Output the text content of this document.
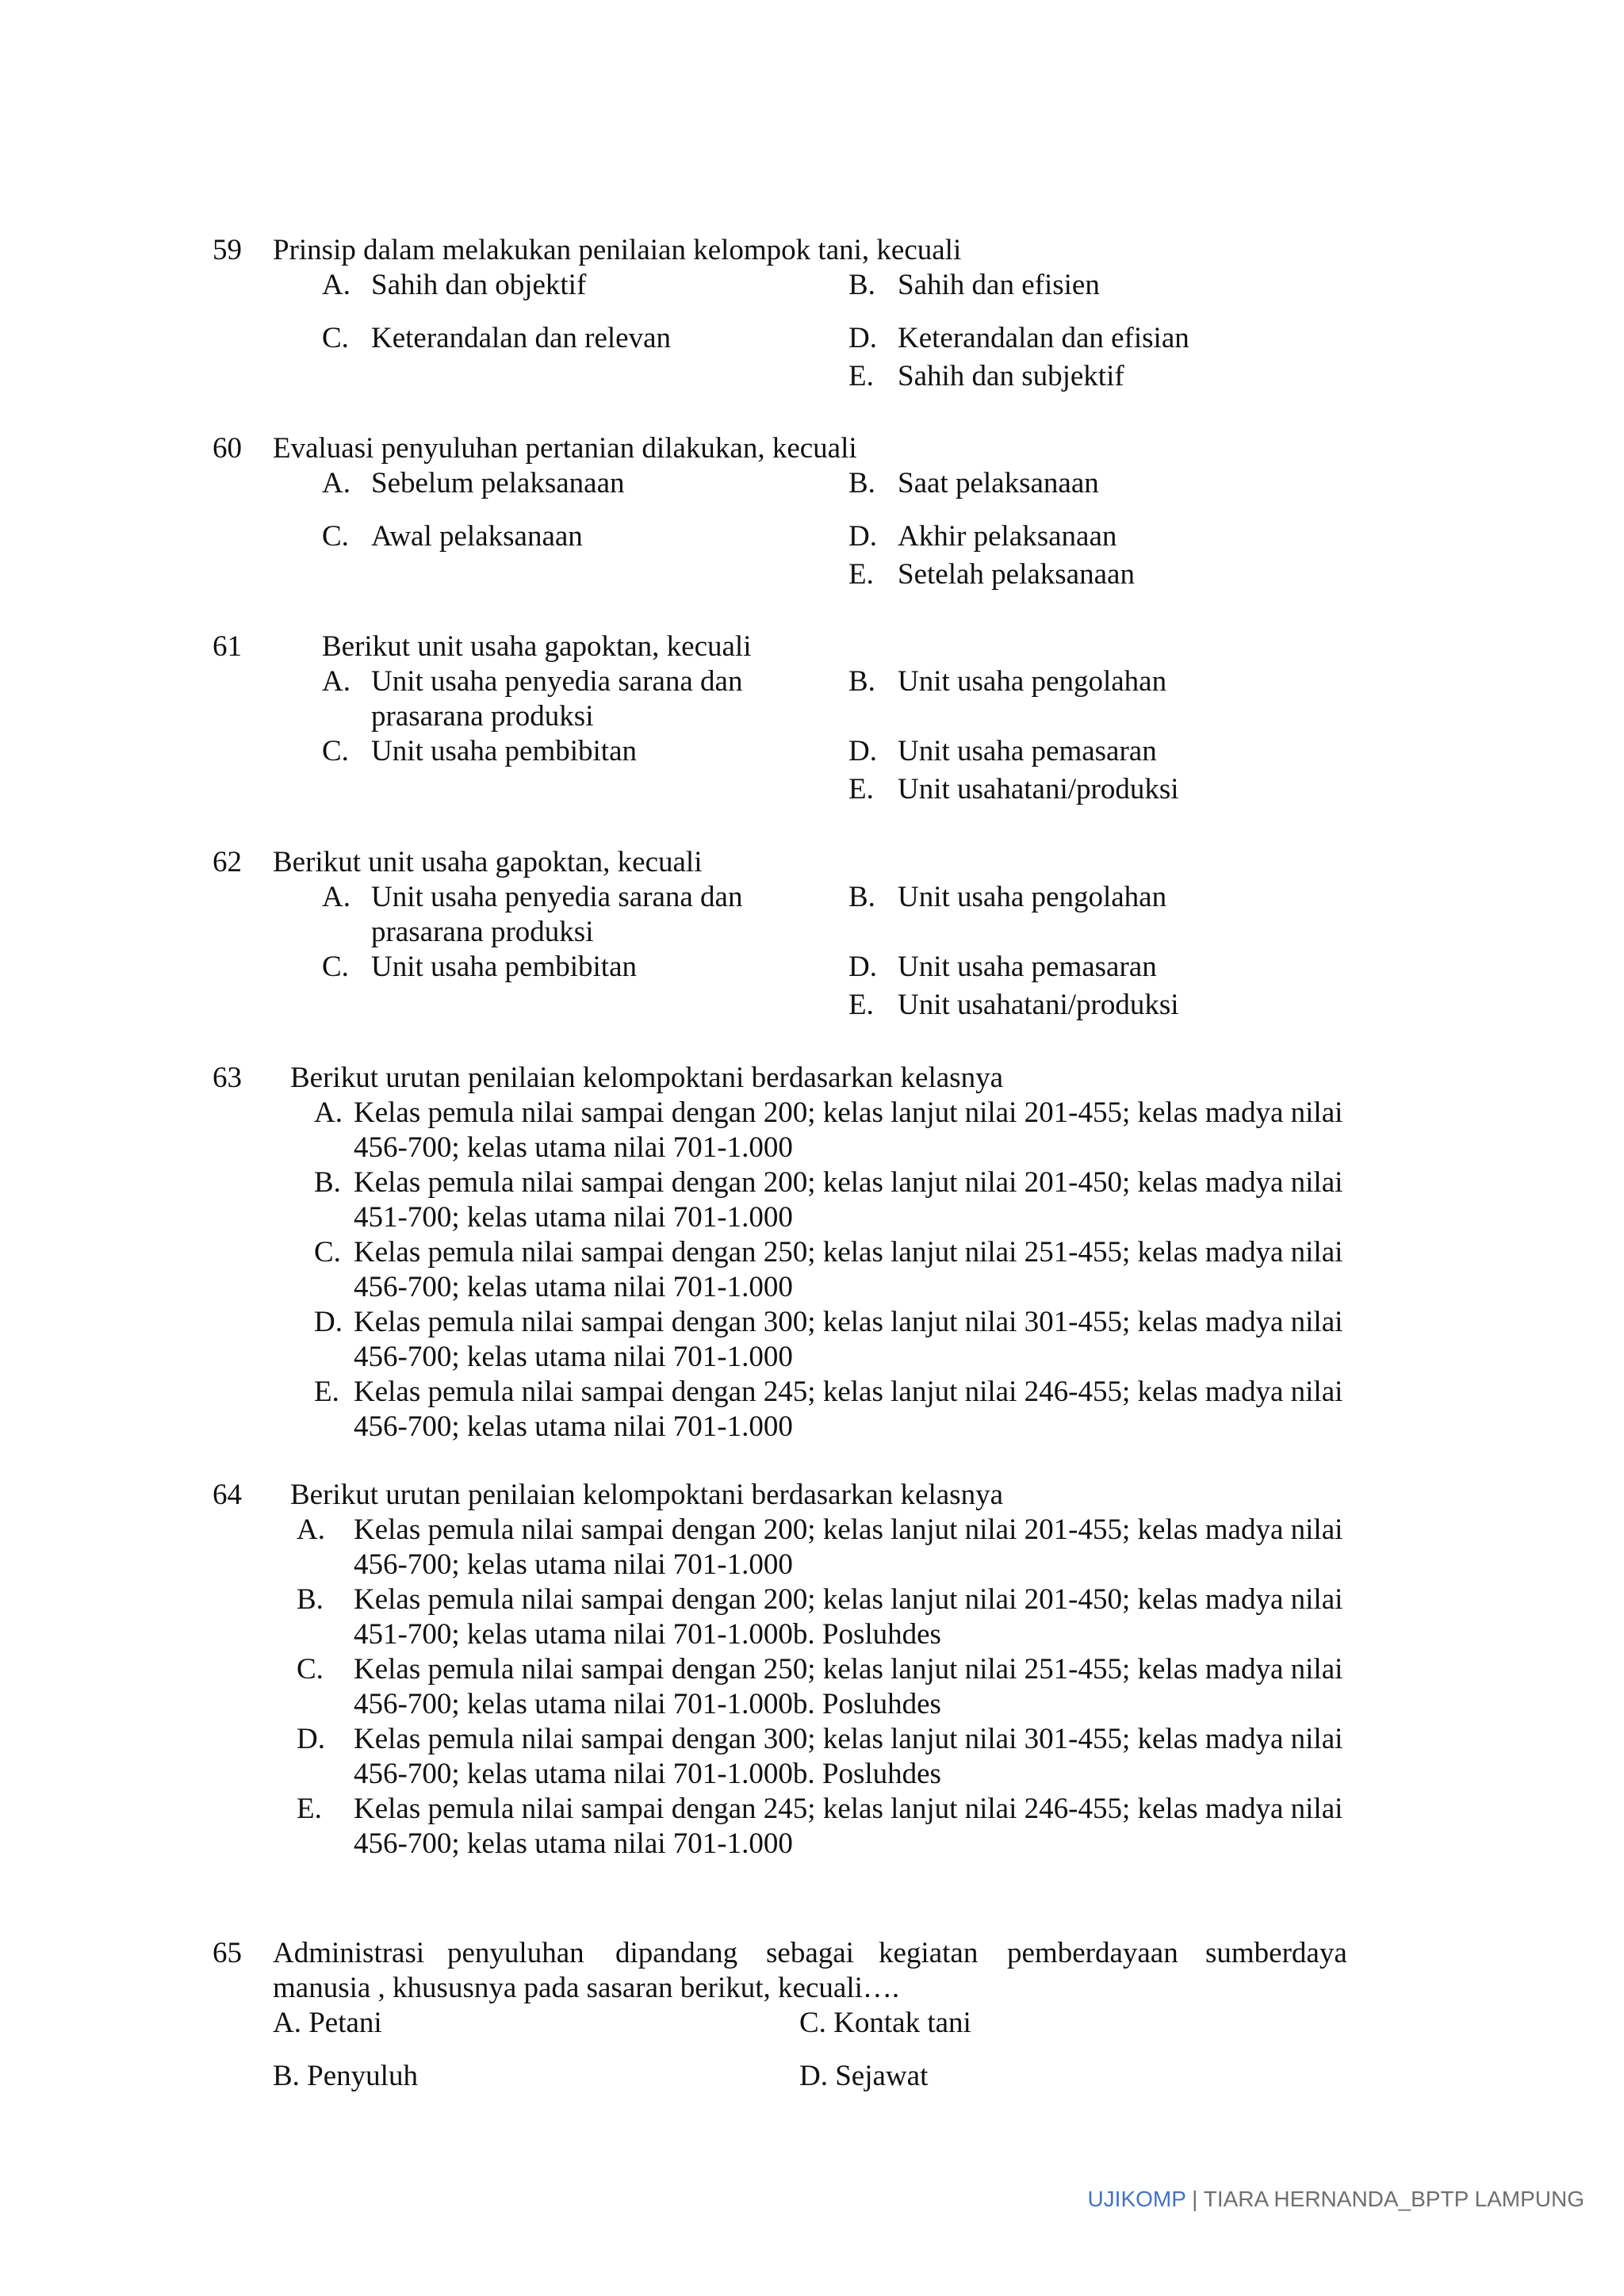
59 Prinsip dalam melakukan penilaian kelompok tani, kecuali
A. Sahih dan objektif	B. Sahih dan efisien
C. Keterandalan dan relevan	D. Keterandalan dan efisian
E. Sahih dan subjektif
60 Evaluasi penyuluhan pertanian dilakukan, kecuali
A. Sebelum pelaksanaan	B. Saat pelaksanaan
C. Awal pelaksanaan	D. Akhir pelaksanaan
E. Setelah pelaksanaan
61	Berikut unit usaha gapoktan, kecuali
A. Unit usaha penyedia sarana dan
prasarana produksi
B. Unit usaha pengolahan
C. Unit usaha pembibitan	D. Unit usaha pemasaran
E. Unit usahatani/produksi
62 Berikut unit usaha gapoktan, kecuali
A. Unit usaha penyedia sarana dan
prasarana produksi
B. Unit usaha pengolahan
C. Unit usaha pembibitan	D. Unit usaha pemasaran
E. Unit usahatani/produksi
63 Berikut urutan penilaian kelompoktani berdasarkan kelasnya
A. Kelas pemula nilai sampai dengan 200; kelas lanjut nilai 201-455; kelas madya nilai
456-700; kelas utama nilai 701-1.000
B. Kelas pemula nilai sampai dengan 200; kelas lanjut nilai 201-450; kelas madya nilai
451-700; kelas utama nilai 701-1.000
C. Kelas pemula nilai sampai dengan 250; kelas lanjut nilai 251-455; kelas madya nilai
456-700; kelas utama nilai 701-1.000
D. Kelas pemula nilai sampai dengan 300; kelas lanjut nilai 301-455; kelas madya nilai
456-700; kelas utama nilai 701-1.000
E. Kelas pemula nilai sampai dengan 245; kelas lanjut nilai 246-455; kelas madya nilai
456-700; kelas utama nilai 701-1.000
64 Berikut urutan penilaian kelompoktani berdasarkan kelasnya
A. Kelas pemula nilai sampai dengan 200; kelas lanjut nilai 201-455; kelas madya nilai
456-700; kelas utama nilai 701-1.000
B. Kelas pemula nilai sampai dengan 200; kelas lanjut nilai 201-450; kelas madya nilai
451-700; kelas utama nilai 701-1.000b. Posluhdes
C. Kelas pemula nilai sampai dengan 250; kelas lanjut nilai 251-455; kelas madya nilai
456-700; kelas utama nilai 701-1.000b. Posluhdes
D. Kelas pemula nilai sampai dengan 300; kelas lanjut nilai 301-455; kelas madya nilai
456-700; kelas utama nilai 701-1.000b. Posluhdes
E. Kelas pemula nilai sampai dengan 245; kelas lanjut nilai 246-455; kelas madya nilai
456-700; kelas utama nilai 701-1.000
65 Administrasi penyuluhan dipandang sebagai kegiatan pemberdayaan sumberdaya
manusia , khususnya pada sasaran berikut, kecuali….
A. Petani	C. Kontak tani
B. Penyuluh	D. Sejawat
UJIKOMP | TIARA HERNANDA_BPTP LAMPUNG
